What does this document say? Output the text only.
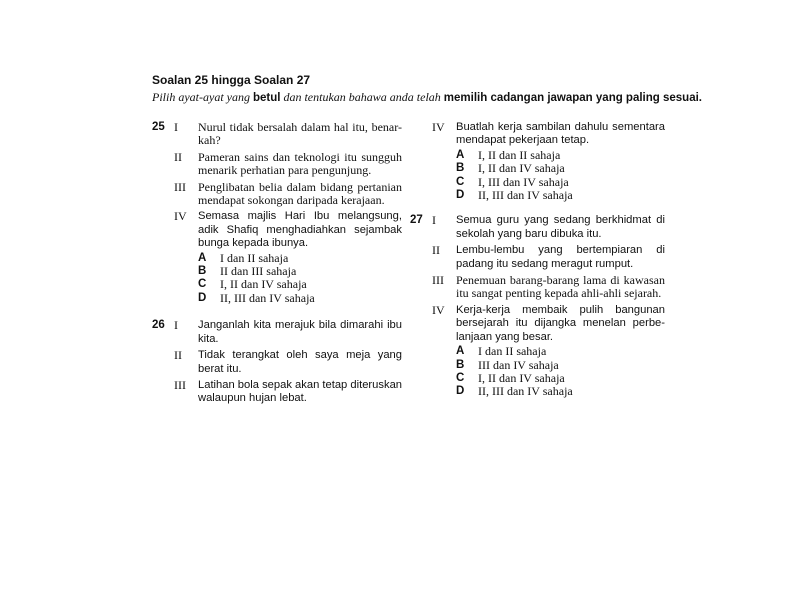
Soalan 25 hingga Soalan 27
Pilih ayat-ayat yang betul dan tentukan bahawa anda telah memilih cadangan jawapan yang paling sesuai.
25 I	Nurul tidak bersalah dalam hal itu, benar-kah?
II	Pameran sains dan teknologi itu sungguh menarik perhatian para pengunjung.
III	Penglibatan belia dalam bidang pertanian mendapat sokongan daripada kerajaan.
IV	Semasa majlis Hari Ibu melangsung, adik Shafiq menghadiahkan sejambak bunga kepada ibunya.
A	I dan II sahaja
B	II dan III sahaja
C	I, II dan IV sahaja
D	II, III dan IV sahaja
26 I	Janganlah kita merajuk bila dimarahi ibu kita.
II	Tidak terangkat oleh saya meja yang berat itu.
III	Latihan bola sepak akan tetap diteruskan walaupun hujan lebat.
IV	Buatlah kerja sambilan dahulu sementara mendapat pekerjaan tetap.
A	I, II dan II sahaja
B	I, II dan IV sahaja
C	I, III dan IV sahaja
D	II, III dan IV sahaja
27 I	Semua guru yang sedang berkhidmat di sekolah yang baru dibuka itu.
II	Lembu-lembu yang bertempiaran di padang itu sedang meragut rumput.
III	Penemuan barang-barang lama di kawasan itu sangat penting kepada ahli-ahli sejarah.
IV	Kerja-kerja membaik pulih bangunan bersejarah itu dijangka menelan perbe-lanjaan yang besar.
A	I dan II sahaja
B	III dan IV sahaja
C	I, II dan IV sahaja
D	II, III dan IV sahaja
